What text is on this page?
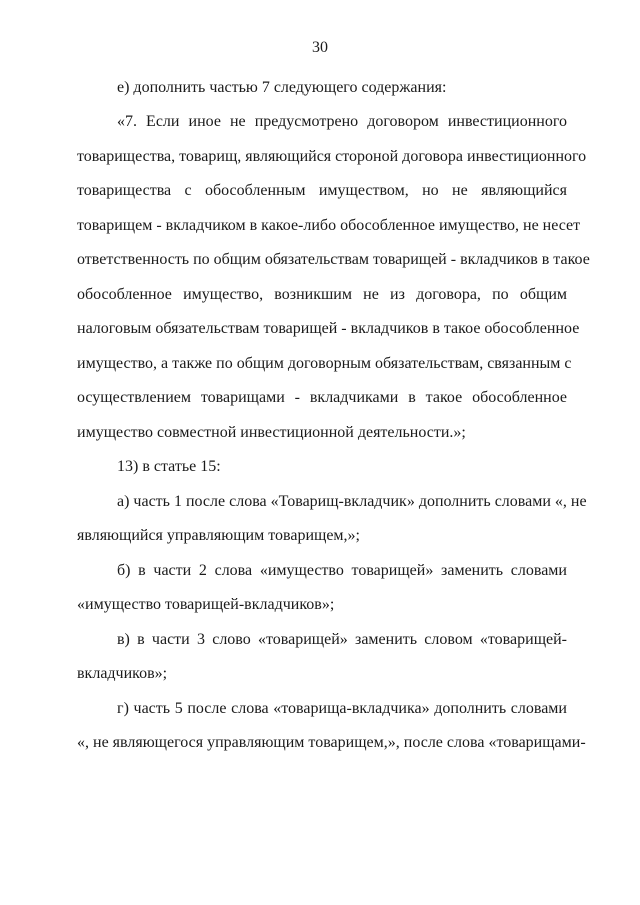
30
е) дополнить частью 7 следующего содержания:
«7. Если иное не предусмотрено договором инвестиционного
товарищества, товарищ, являющийся стороной договора инвестиционного
товарищества с обособленным имуществом, но не являющийся
товарищем - вкладчиком в какое-либо обособленное имущество, не несет
ответственность по общим обязательствам товарищей - вкладчиков в такое
обособленное имущество, возникшим не из договора, по общим
налоговым обязательствам товарищей - вкладчиков в такое обособленное
имущество, а также по общим договорным обязательствам, связанным с
осуществлением товарищами - вкладчиками в такое обособленное
имущество совместной инвестиционной деятельности.»;
13) в статье 15:
а) часть 1 после слова «Товарищ-вкладчик» дополнить словами «, не
являющийся управляющим товарищем,»;
б) в части 2 слова «имущество товарищей» заменить словами
«имущество товарищей-вкладчиков»;
в) в части 3 слово «товарищей» заменить словом «товарищей-
вкладчиков»;
г) часть 5 после слова «товарища-вкладчика» дополнить словами
«, не являющегося управляющим товарищем,», после слова «товарищами-
